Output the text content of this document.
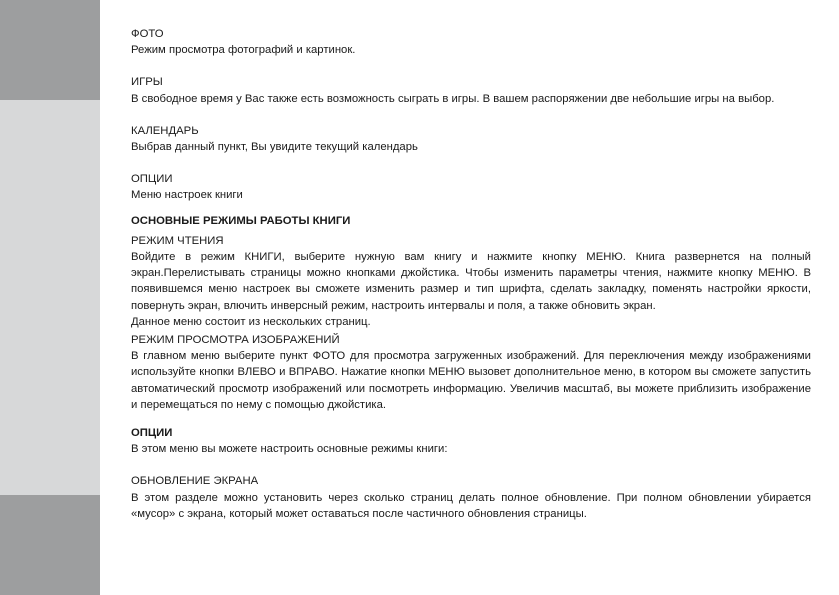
ФОТО

Режим просмотра фотографий и картинок.

ИГРЫ

В свободное время у Вас также есть возможность сыграть в игры. В вашем распоряжении две небольшие игры на выбор.

КАЛЕНДАРЬ

Выбрав данный пункт, Вы увидите текущий календарь

ОПЦИИ

Меню настроек книги

ОСНОВНЫЕ РЕЖИМЫ РАБОТЫ КНИГИ
РЕЖИМ ЧТЕНИЯ

Войдите в режим КНИГИ, выберите нужную вам книгу и нажмите кнопку МЕНЮ. Книга развернется на полный экран.Перелистывать страницы можно кнопками джойстика. Чтобы изменить параметры чтения, нажмите кнопку МЕНЮ. В появившемся меню настроек вы сможете изменить размер и тип шрифта, сделать закладку, поменять настройки яркости, повернуть экран, влючить инверсный режим, настроить интервалы и поля, а также обновить экран.

Данное меню состоит из нескольких страниц.

РЕЖИМ ПРОСМОТРА ИЗОБРАЖЕНИЙ

В главном меню выберите пункт ФОТО для просмотра загруженных изображений. Для переключения между изображениями используйте кнопки ВЛЕВО и ВПРАВО. Нажатие кнопки МЕНЮ вызовет дополнительное меню, в котором вы сможете запустить автоматический просмотр изображений или посмотреть информацию. Увеличив масштаб, вы можете приблизить изображение и перемещаться по нему с помощью джойстика.

ОПЦИИ

В этом меню вы можете настроить основные режимы книги:

ОБНОВЛЕНИЕ ЭКРАНА

В этом разделе можно установить через сколько страниц делать полное обновление. При полном обновлении убирается «мусор» с экрана, который может оставаться после частичного обновления страницы.
